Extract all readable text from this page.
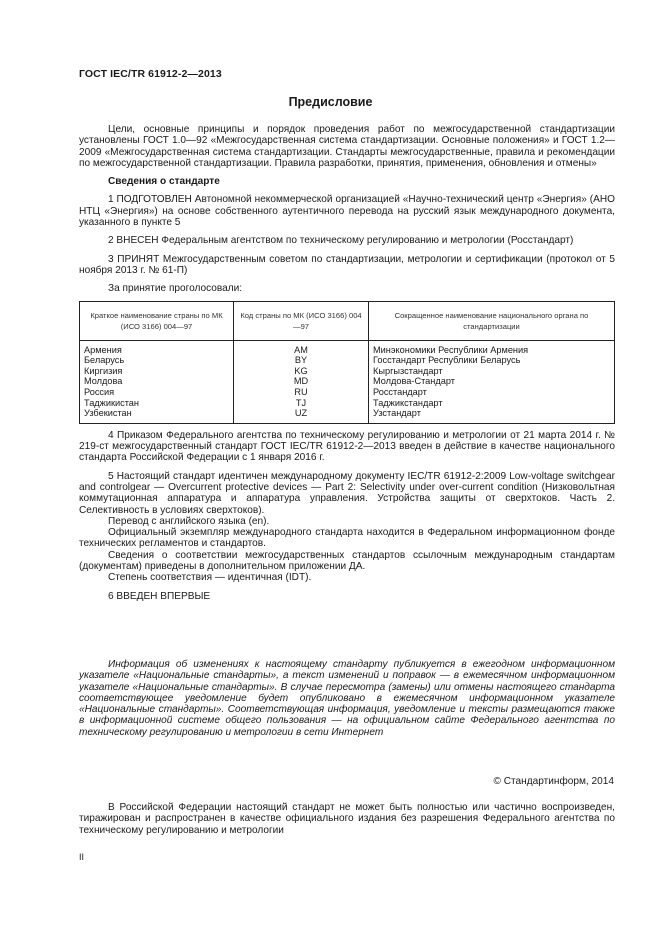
ГОСТ IEC/TR 61912-2—2013
Предисловие

Цели, основные принципы и порядок проведения работ по межгосударственной стандартизации установлены ГОСТ 1.0—92 «Межгосударственная система стандартизации. Основные положения» и ГОСТ 1.2—2009 «Межгосударственная система стандартизации. Стандарты межгосударственные, правила и рекомендации по межгосударственной стандартизации. Правила разработки, принятия, применения, обновления и отмены»

Сведения о стандарте

1 ПОДГОТОВЛЕН Автономной некоммерческой организацией «Научно-технический центр «Энергия» (АНО НТЦ «Энергия») на основе собственного аутентичного перевода на русский язык международного документа, указанного в пункте 5

2 ВНЕСЕН Федеральным агентством по техническому регулированию и метрологии (Росстандарт)

3 ПРИНЯТ Межгосударственным советом по стандартизации, метрологии и сертификации (протокол от 5 ноября 2013 г. № 61-П)

За принятие проголосовали:

Краткое наименование страны по МК (ИСО 3166) 004—97	Код страны по МК (ИСО 3166) 004—97	Сокращенное наименование национального органа по стандартизации
Армения	AM	Минэкономики Республики Армения
Беларусь	BY	Госстандарт Республики Беларусь
Киргизия	KG	Кыргызстандарт
Молдова	MD	Молдова-Стандарт
Россия	RU	Росстандарт
Таджикистан	TJ	Таджикстандарт
Узбекистан	UZ	Узстандарт

4 Приказом Федерального агентства по техническому регулированию и метрологии от 21 марта 2014 г. № 219-ст межгосударственный стандарт ГОСТ IEC/TR 61912-2—2013 введен в действие в качестве национального стандарта Российской Федерации с 1 января 2016 г.

5 Настоящий стандарт идентичен международному документу IEC/TR 61912-2:2009 Low-voltage switchgear and controlgear — Overcurrent protective devices — Part 2: Selectivity under over-current condition (Низковольтная коммутационная аппаратура и аппаратура управления. Устройства защиты от сверхтоков. Часть 2. Селективность в условиях сверхтоков).

Перевод с английского языка (en).

Официальный экземпляр международного стандарта находится в Федеральном информационном фонде технических регламентов и стандартов.

Сведения о соответствии межгосударственных стандартов ссылочным международным стандартам (документам) приведены в дополнительном приложении ДА.

Степень соответствия — идентичная (IDT).

6 ВВЕДЕН ВПЕРВЫЕ

Информация об изменениях к настоящему стандарту публикуется в ежегодном информационном указателе «Национальные стандарты», а текст изменений и поправок — в ежемесячном информационном указателе «Национальные стандарты». В случае пересмотра (замены) или отмены настоящего стандарта соответствующее уведомление будет опубликовано в ежемесячном информационном указателе «Национальные стандарты». Соответствующая информация, уведомление и тексты размещаются также в информационной системе общего пользования — на официальном сайте Федерального агентства по техническому регулированию и метрологии в сети Интернет

© Стандартинформ, 2014

В Российской Федерации настоящий стандарт не может быть полностью или частично воспроизведен, тиражирован и распространен в качестве официального издания без разрешения Федерального агентства по техническому регулированию и метрологии

II
